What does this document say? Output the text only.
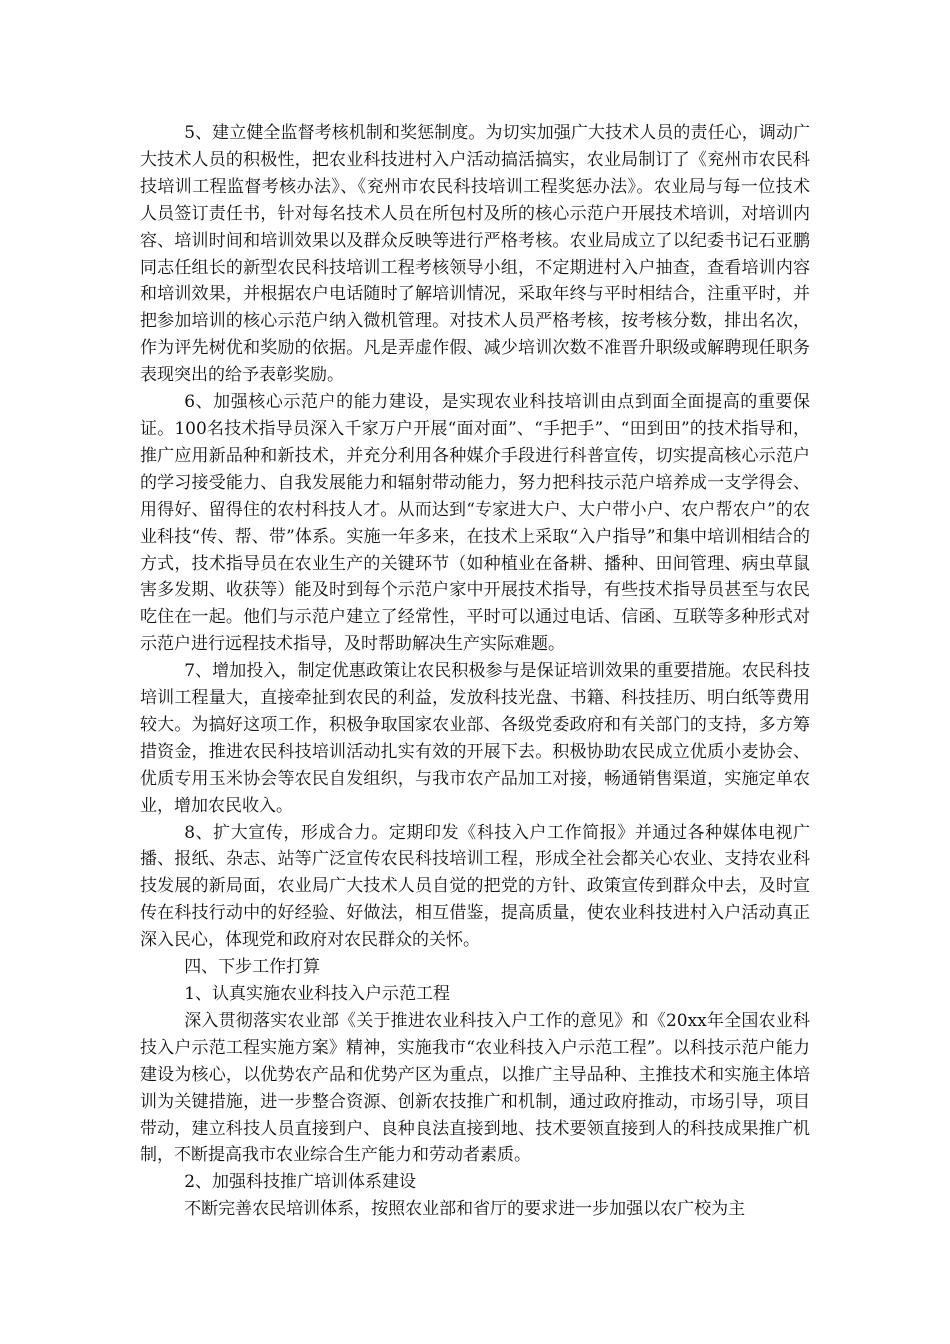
5、建立健全监督考核机制和奖惩制度。为切实加强广大技术人员的责任心，调动广大技术人员的积极性，把农业科技进村入户活动搞活搞实，农业局制订了《兖州市农民科技培训工程监督考核办法》、《兖州市农民科技培训工程奖惩办法》。农业局与每一位技术人员签订责任书，针对每名技术人员在所包村及所的核心示范户开展技术培训，对培训内容、培训时间和培训效果以及群众反映等进行严格考核。农业局成立了以纪委书记石亚鹏同志任组长的新型农民科技培训工程考核领导小组，不定期进村入户抽查，查看培训内容和培训效果，并根据农户电话随时了解培训情况，采取年终与平时相结合，注重平时，并把参加培训的核心示范户纳入微机管理。对技术人员严格考核，按考核分数，排出名次，作为评先树优和奖励的依据。凡是弄虚作假、减少培训次数不准晋升职级或解聘现任职务表现突出的给予表彰奖励。

6、加强核心示范户的能力建设，是实现农业科技培训由点到面全面提高的重要保证。100名技术指导员深入千家万户开展“面对面”、“手把手”、“田到田”的技术指导和，推广应用新品种和新技术，并充分利用各种媒介手段进行科普宣传，切实提高核心示范户的学习接受能力、自我发展能力和辐射带动能力，努力把科技示范户培养成一支学得会、用得好、留得住的农村科技人才。从而达到“专家进大户、大户带小户、农户帮农户”的农业科技“传、帮、带”体系。实施一年多来，在技术上采取“入户指导”和集中培训相结合的方式，技术指导员在农业生产的关键环节（如种植业在备耕、播种、田间管理、病虫草鼠害多发期、收获等）能及时到每个示范户家中开展技术指导，有些技术指导员甚至与农民吃住在一起。他们与示范户建立了经常性，平时可以通过电话、信函、互联等多种形式对示范户进行远程技术指导，及时帮助解决生产实际难题。

7、增加投入，制定优惠政策让农民积极参与是保证培训效果的重要措施。农民科技培训工程量大，直接牵扯到农民的利益，发放科技光盘、书籍、科技挂历、明白纸等费用较大。为搞好这项工作，积极争取国家农业部、各级党委政府和有关部门的支持，多方筹措资金，推进农民科技培训活动扎实有效的开展下去。积极协助农民成立优质小麦协会、优质专用玉米协会等农民自发组织，与我市农产品加工对接，畅通销售渠道，实施定单农业，增加农民收入。

8、扩大宣传，形成合力。定期印发《科技入户工作简报》并通过各种媒体电视广播、报纸、杂志、站等广泛宣传农民科技培训工程，形成全社会都关心农业、支持农业科技发展的新局面，农业局广大技术人员自觉的把党的方针、政策宣传到群众中去，及时宣传在科技行动中的好经验、好做法，相互借鉴，提高质量，使农业科技进村入户活动真正深入民心，体现党和政府对农民群众的关怀。

四、下步工作打算

1、认真实施农业科技入户示范工程

深入贯彻落实农业部《关于推进农业科技入户工作的意见》和《20xx年全国农业科技入户示范工程实施方案》精神，实施我市“农业科技入户示范工程”。以科技示范户能力建设为核心，以优势农产品和优势产区为重点，以推广主导品种、主推技术和实施主体培训为关键措施，进一步整合资源、创新农技推广和机制，通过政府推动，市场引导，项目带动，建立科技人员直接到户、良种良法直接到地、技术要领直接到人的科技成果推广机制，不断提高我市农业综合生产能力和劳动者素质。

2、加强科技推广培训体系建设

不断完善农民培训体系，按照农业部和省厅的要求进一步加强以农广校为主
